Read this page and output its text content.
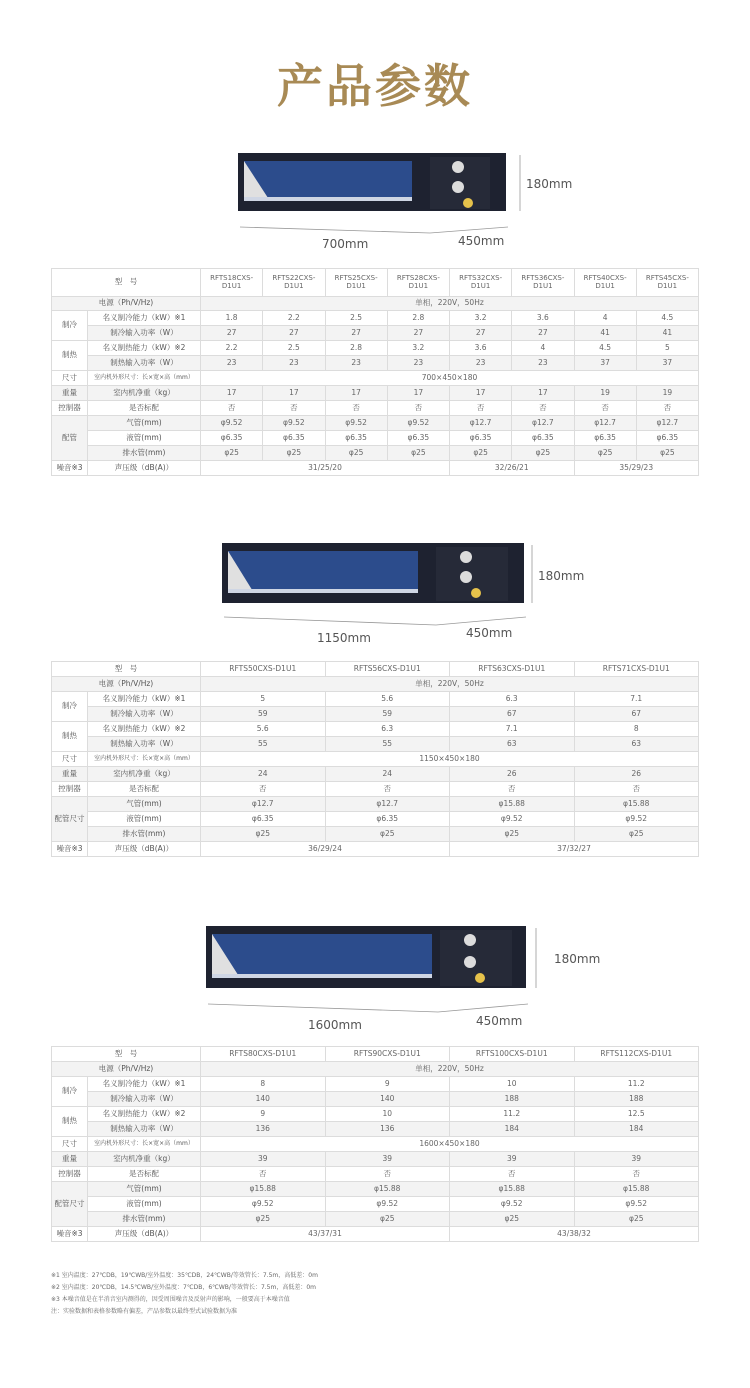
产品参数
700mm	450mm
180mm
型　号		RFTS18CXS-D1U1	RFTS22CXS-D1U1	RFTS25CXS-D1U1	RFTS28CXS-D1U1	RFTS32CXS-D1U1	RFTS36CXS-D1U1	RFTS40CXS-D1U1	RFTS45CXS-D1U1
电源（Ph/V/Hz)		单相，220V，50Hz							
制冷	名义制冷能力（kW）※1	1.8	2.2	2.5	2.8	3.2	3.6	4	4.5
	制冷输入功率（W）	27	27	27	27	27	27	41	41
制热	名义制热能力（kW）※2	2.2	2.5	2.8	3.2	3.6	4	4.5	5
	制热输入功率（W）	23	23	23	23	23	23	37	37
尺寸	室内机外形尺寸：长×宽×高（mm）	700×450×180							
重量	室内机净重（kg）	17	17	17	17	17	17	19	19
控制器	是否标配	否	否	否	否	否	否	否	否
配管	气管(mm)	φ9.52	φ9.52	φ9.52	φ9.52	φ12.7	φ12.7	φ12.7	φ12.7
	液管(mm)	φ6.35	φ6.35	φ6.35	φ6.35	φ6.35	φ6.35	φ6.35	φ6.35
	排水管(mm)	φ25	φ25	φ25	φ25	φ25	φ25	φ25	φ25
噪音※3	声压级（dB(A)）	31/25/20				32/26/21		35/29/23	
1150mm	450mm
180mm
型　号		RFTS50CXS-D1U1	RFTS56CXS-D1U1	RFTS63CXS-D1U1	RFTS71CXS-D1U1
电源（Ph/V/Hz)		单相，220V，50Hz			
制冷	名义制冷能力（kW）※1	5	5.6	6.3	7.1
	制冷输入功率（W）	59	59	67	67
制热	名义制热能力（kW）※2	5.6	6.3	7.1	8
	制热输入功率（W）	55	55	63	63
尺寸	室内机外形尺寸：长×宽×高（mm）	1150×450×180			
重量	室内机净重（kg）	24	24	26	26
控制器	是否标配	否	否	否	否
配管尺寸	气管(mm)	φ12.7	φ12.7	φ15.88	φ15.88
	液管(mm)	φ6.35	φ6.35	φ9.52	φ9.52
	排水管(mm)	φ25	φ25	φ25	φ25
噪音※3	声压级（dB(A)）	36/29/24		37/32/27	
1600mm	450mm
180mm
型　号		RFTS80CXS-D1U1	RFTS90CXS-D1U1	RFTS100CXS-D1U1	RFTS112CXS-D1U1
电源（Ph/V/Hz)		单相，220V，50Hz			
制冷	名义制冷能力（kW）※1	8	9	10	11.2
	制冷输入功率（W）	140	140	188	188
制热	名义制热能力（kW）※2	9	10	11.2	12.5
	制热输入功率（W）	136	136	184	184
尺寸	室内机外形尺寸：长×宽×高（mm）	1600×450×180			
重量	室内机净重（kg）	39	39	39	39
控制器	是否标配	否	否	否	否
配管尺寸	气管(mm)	φ15.88	φ15.88	φ15.88	φ15.88
	液管(mm)	φ9.52	φ9.52	φ9.52	φ9.52
	排水管(mm)	φ25	φ25	φ25	φ25
噪音※3	声压级（dB(A)）	43/37/31		43/38/32	
※1 室内温度：27℃DB，19℃WB/室外温度：35℃DB，24℃WB/等效管长：7.5m，高低差：0m
※2 室内温度：20℃DB，14.5℃WB/室外温度：7℃DB，6℃WB/等效管长：7.5m，高低差：0m
※3 本噪音值是在半消音室内测得的，因受周围噪音及反射声的影响，一般要高于本噪音值
注：实验数据和表格参数略有偏差，产品参数以最终型式试验数据为准
